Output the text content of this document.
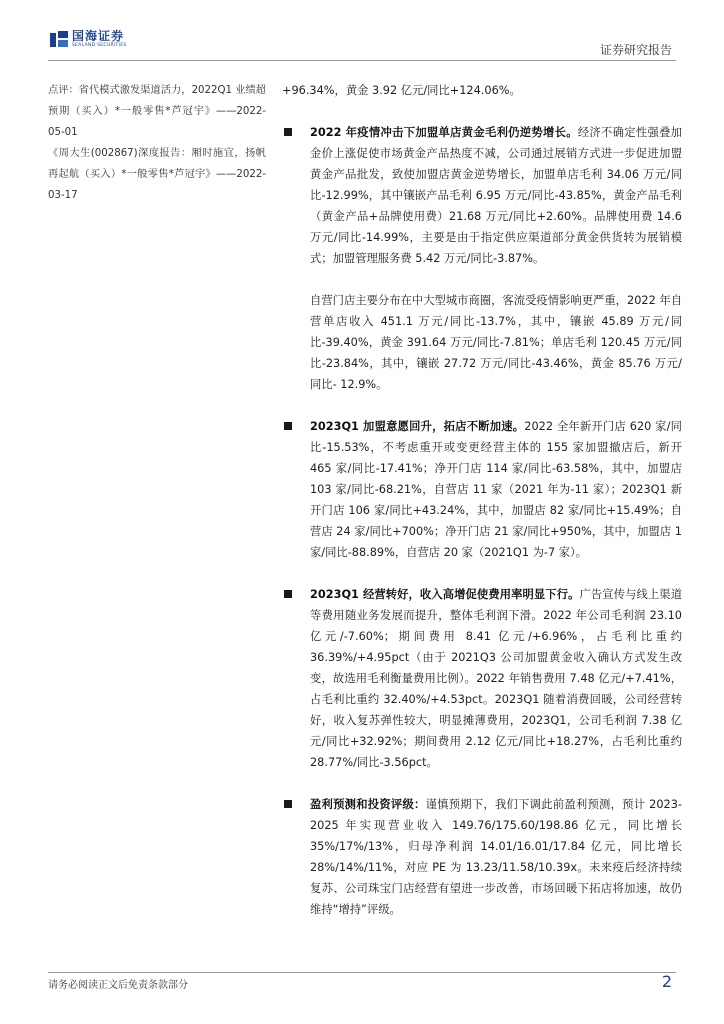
国海证券
SEALAND SECURITIES	证券研究报告

点评：省代模式激发渠道活力，2022Q1 业绩超预期（买入）*一般零售*芦冠宇》——2022-05-01

《周大生(002867)深度报告：厢时施宜，扬帆再起航（买入）*一般零售*芦冠宇》——2022-03-17

+96.34%，黄金 3.92 亿元/同比+124.06%。

2022 年疫情冲击下加盟单店黄金毛利仍逆势增长。经济不确定性强叠加金价上涨促使市场黄金产品热度不减，公司通过展销方式进一步促进加盟黄金产品批发，致使加盟店黄金逆势增长，加盟单店毛利 34.06 万元/同比-12.99%，其中镶嵌产品毛利 6.95 万元/同比-43.85%，黄金产品毛利（黄金产品+品牌使用费）21.68 万元/同比+2.60%。品牌使用费 14.6 万元/同比-14.99%，主要是由于指定供应渠道部分黄金供货转为展销模式；加盟管理服务费 5.42 万元/同比-3.87%。

自营门店主要分布在中大型城市商圈，客流受疫情影响更严重，2022 年自营单店收入 451.1 万元/同比-13.7%，其中，镶嵌 45.89 万元/同比-39.40%，黄金 391.64 万元/同比-7.81%；单店毛利 120.45 万元/同比-23.84%，其中，镶嵌 27.72 万元/同比-43.46%，黄金 85.76 万元/同比- 12.9%。

2023Q1 加盟意愿回升，拓店不断加速。2022 全年新开门店 620 家/同比-15.53%，不考虑重开或变更经营主体的 155 家加盟撤店后，新开 465 家/同比-17.41%；净开门店 114 家/同比-63.58%，其中，加盟店 103 家/同比-68.21%，自营店 11 家（2021 年为-11 家）；2023Q1 新开门店 106 家/同比+43.24%，其中，加盟店 82 家/同比+15.49%；自营店 24 家/同比+700%；净开门店 21 家/同比+950%，其中，加盟店 1 家/同比-88.89%，自营店 20 家（2021Q1 为-7 家）。

2023Q1 经营转好，收入高增促使费用率明显下行。广告宣传与线上渠道等费用随业务发展而提升，整体毛利润下滑。2022 年公司毛利润 23.10 亿元/-7.60%；期间费用 8.41 亿元/+6.96%，占毛利比重约 36.39%/+4.95pct（由于 2021Q3 公司加盟黄金收入确认方式发生改变，故选用毛利衡量费用比例）。2022 年销售费用 7.48 亿元/+7.41%，占毛利比重约 32.40%/+4.53pct。2023Q1 随着消费回暖，公司经营转好，收入复苏弹性较大，明显摊薄费用，2023Q1，公司毛利润 7.38 亿元/同比+32.92%；期间费用 2.12 亿元/同比+18.27%，占毛利比重约 28.77%/同比-3.56pct。

盈利预测和投资评级：谨慎预期下，我们下调此前盈利预测，预计 2023-2025 年实现营业收入 149.76/175.60/198.86 亿元，同比增长 35%/17%/13%，归母净利润 14.01/16.01/17.84 亿元，同比增长 28%/14%/11%，对应 PE 为 13.23/11.58/10.39x。未来疫后经济持续复苏、公司珠宝门店经营有望进一步改善，市场回暖下拓店将加速，故仍维持“增持”评级。

请务必阅读正文后免责条款部分	2
